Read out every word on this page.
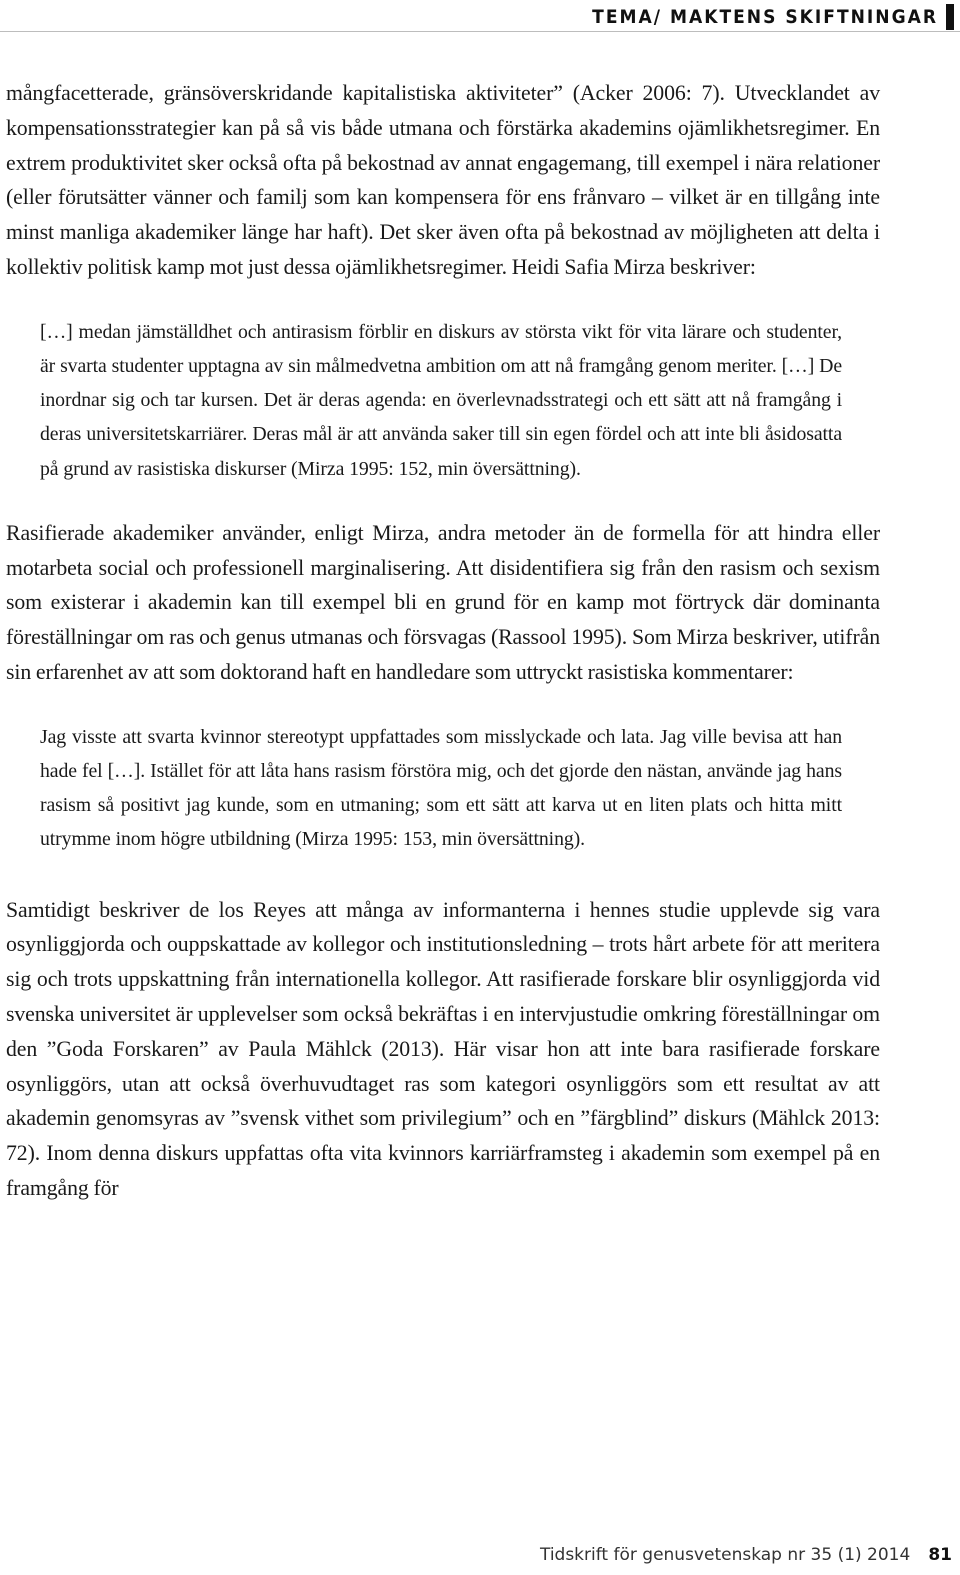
TEMA/ MAKTENS SKIFTNINGAR

mångfacetterade, gränsöverskridande kapitalistiska aktiviteter” (Acker 2006: 7). Utvecklandet av kompensationsstrategier kan på så vis både utmana och förstärka akademins ojämlikhetsregimer. En extrem produktivitet sker också ofta på bekostnad av annat engagemang, till exempel i nära relationer (eller förutsätter vänner och familj som kan kompensera för ens frånvaro – vilket är en tillgång inte minst manliga akademiker länge har haft). Det sker även ofta på bekostnad av möjligheten att delta i kollektiv politisk kamp mot just dessa ojämlikhetsregimer. Heidi Safia Mirza beskriver:

[…] medan jämställdhet och antirasism förblir en diskurs av största vikt för vita lärare och studenter, är svarta studenter upptagna av sin målmedvetna ambition om att nå framgång genom meriter. […] De inordnar sig och tar kursen. Det är deras agenda: en överlevnadsstrategi och ett sätt att nå framgång i deras universitetskarriärer. Deras mål är att använda saker till sin egen fördel och att inte bli åsidosatta på grund av rasistiska diskurser (Mirza 1995: 152, min översättning).

Rasifierade akademiker använder, enligt Mirza, andra metoder än de formella för att hindra eller motarbeta social och professionell marginalisering. Att disidentifiera sig från den rasism och sexism som existerar i akademin kan till exempel bli en grund för en kamp mot förtryck där dominanta föreställningar om ras och genus utmanas och försvagas (Rassool 1995). Som Mirza beskriver, utifrån sin erfarenhet av att som doktorand haft en handledare som uttryckt rasistiska kommentarer:

Jag visste att svarta kvinnor stereotypt uppfattades som misslyckade och lata. Jag ville bevisa att han hade fel […]. Istället för att låta hans rasism förstöra mig, och det gjorde den nästan, använde jag hans rasism så positivt jag kunde, som en utmaning; som ett sätt att karva ut en liten plats och hitta mitt utrymme inom högre utbildning (Mirza 1995: 153, min översättning).

Samtidigt beskriver de los Reyes att många av informanterna i hennes studie upplevde sig vara osynliggjorda och ouppskattade av kollegor och institutionsledning – trots hårt arbete för att meritera sig och trots uppskattning från internationella kollegor. Att rasifierade forskare blir osynliggjorda vid svenska universitet är upplevelser som också bekräftas i en intervjustudie omkring föreställningar om den ”Goda Forskaren” av Paula Mählck (2013). Här visar hon att inte bara rasifierade forskare osynliggörs, utan att också överhuvudtaget ras som kategori osynliggörs som ett resultat av att akademin genomsyras av ”svensk vithet som privilegium” och en ”färgblind” diskurs (Mählck 2013: 72). Inom denna diskurs uppfattas ofta vita kvinnors karriärframsteg i akademin som exempel på en framgång för

Tidskrift för genusvetenskap nr 35 (1) 2014 81
